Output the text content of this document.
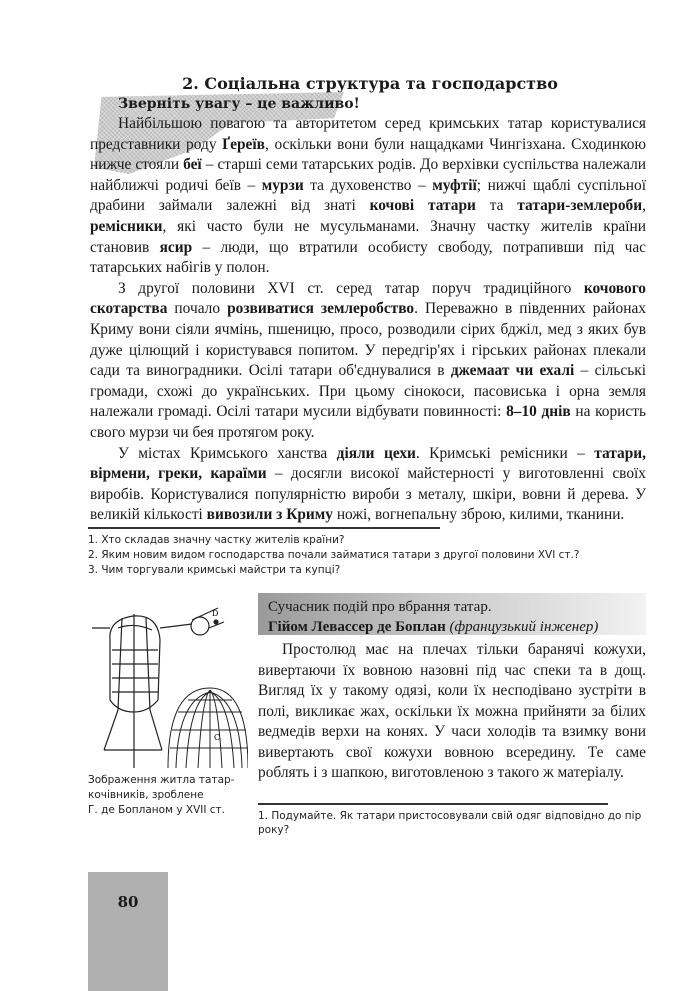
2. Соціальна структура та господарство
Зверніть увагу – це важливо!

Найбільшою повагою та авторитетом серед кримських татар користувалися представники роду Ґереїв, оскільки вони були нащадками Чингізхана. Сходинкою нижче стояли беї – старші семи татарських родів. До верхівки суспільства належали найближчі родичі беїв – мурзи та духовенство – муфтії; нижчі щаблі суспільної драбини займали залежні від знаті кочові татари та татари-землероби, ремісники, які часто були не мусульманами. Значну частку жителів країни становив ясир – люди, що втратили особисту свободу, потрапивши під час татарських набігів у полон.

З другої половини XVI ст. серед татар поруч традиційного кочового скотарства почало розвиватися землеробство. Переважно в південних районах Криму вони сіяли ячмінь, пшеницю, просо, розводили сірих бджіл, мед з яких був дуже цілющий і користувався попитом. У передгір'ях і гірських районах плекали сади та виноградники. Осілі татари об'єднувалися в джемаат чи ехалі – сільські громади, схожі до українських. При цьому сінокоси, пасовиська і орна земля належали громаді. Осілі татари мусили відбувати повинності: 8–10 днів на користь свого мурзи чи бея протягом року.

У містах Кримського ханства діяли цехи. Кримські ремісники – татари, вірмени, греки, караїми – досягли високої майстерності у виготовленні своїх виробів. Користувалися популярністю вироби з металу, шкіри, вовни й дерева. У великій кількості вивозили з Криму ножі, вогнепальну зброю, килими, тканини.

1. Хто складав значну частку жителів країни?
2. Яким новим видом господарства почали займатися татари з другої половини XVI ст.?
3. Чим торгували кримські майстри та купці?
D
C
Зображення житла татар-
кочівників, зроблене
Г. де Бопланом у XVII ст.
Сучасник подій про вбрання татар.
Гійом Левассер де Боплан (французький інженер)

Простолюд має на плечах тільки баранячі кожухи, вивертаючи їх вовною назовні під час спеки та в дощ. Вигляд їх у такому одязі, коли їх несподівано зустріти в полі, викликає жах, оскільки їх можна прийняти за білих ведмедів верхи на конях. У часи холодів та взимку вони вивертають свої кожухи вовною всередину. Те саме роблять і з шапкою, виготовленою з такого ж матеріалу.

1. Подумайте. Як татари пристосовували свій одяг відповідно до пір року?
80
